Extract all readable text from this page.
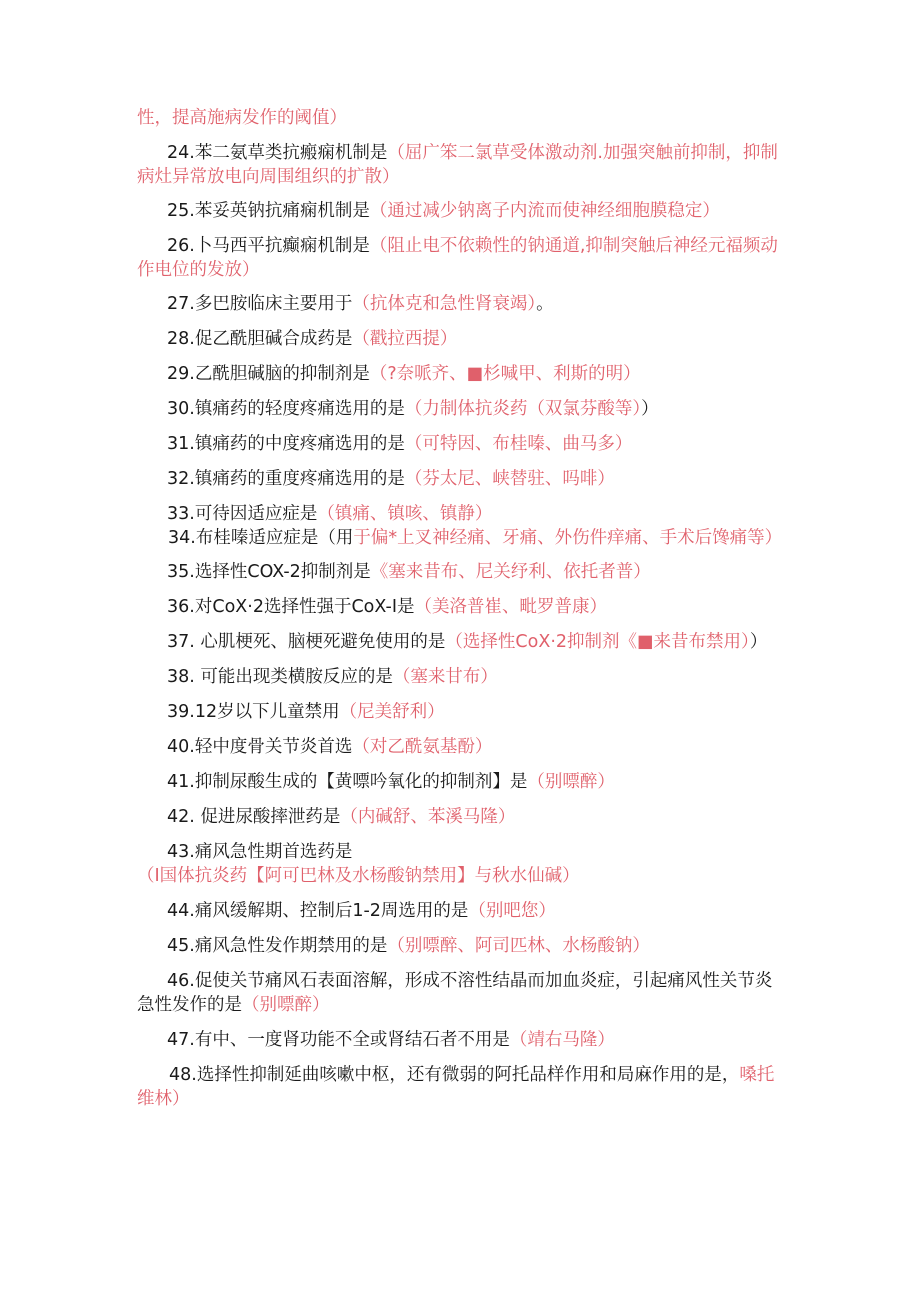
性，提高施病发作的阈值）

24.苯二氨草类抗瘢痫机制是（屈广笨二氯草受体激动剂.加强突触前抑制，抑制病灶异常放电向周围组织的扩散）

25.苯妥英钠抗痛痫机制是（通过减少钠离子内流而使神经细胞膜稳定）

26.卜马西平抗癫痫机制是（阻止电不依赖性的钠通道,抑制突触后神经元福频动作电位的发放）

27.多巴胺临床主要用于（抗体克和急性肾衰竭）。

28.促乙酰胆碱合成药是（戳拉西提）

29.乙酰胆碱脑的抑制剂是（?奈哌齐、■杉喊甲、利斯的明）

30.镇痛药的轻度疼痛选用的是（力制体抗炎药（双氯芬酸等））

31.镇痛药的中度疼痛选用的是（可特因、布桂嗪、曲马多）

32.镇痛药的重度疼痛选用的是（芬太尼、峡替驻、吗啡）

33.可待因适应症是（镇痛、镇咳、镇静）

34.布桂嗪适应症是（用于偏*上叉神经痛、牙痛、外伤件痒痛、手术后馋痛等）

35.选择性COX-2抑制剂是《塞来昔布、尼关纾利、依托者普）

36.对CoX·2选择性强于CoX-I是（美洛普崔、毗罗普康）

37. 心肌梗死、脑梗死避免使用的是（选择性CoX·2抑制剂《■来昔布禁用））

38. 可能出现类横胺反应的是（塞来甘布）

39.12岁以下儿童禁用（尼美舒利）

40.轻中度骨关节炎首选（对乙酰氨基酚）

41.抑制尿酸生成的【黄嘌吟氧化的抑制剂】是（别嘌醉）

42. 促进尿酸摔泄药是（内碱舒、苯溪马隆）

43.痛风急性期首选药是（I国体抗炎药【阿可巴林及水杨酸钠禁用】与秋水仙碱）

44.痛风缓解期、控制后1-2周选用的是（别吧您）

45.痛风急性发作期禁用的是（别嘌醉、阿司匹林、水杨酸钠）

46.促使关节痛风石表面溶解，形成不溶性结晶而加血炎症，引起痛风性关节炎急性发作的是（别嘌醉）

47.有中、一度肾功能不全或肾结石者不用是（靖右马隆）

48.选择性抑制延曲咳嗽中枢，还有微弱的阿托品样作用和局麻作用的是，嗓托维林）
